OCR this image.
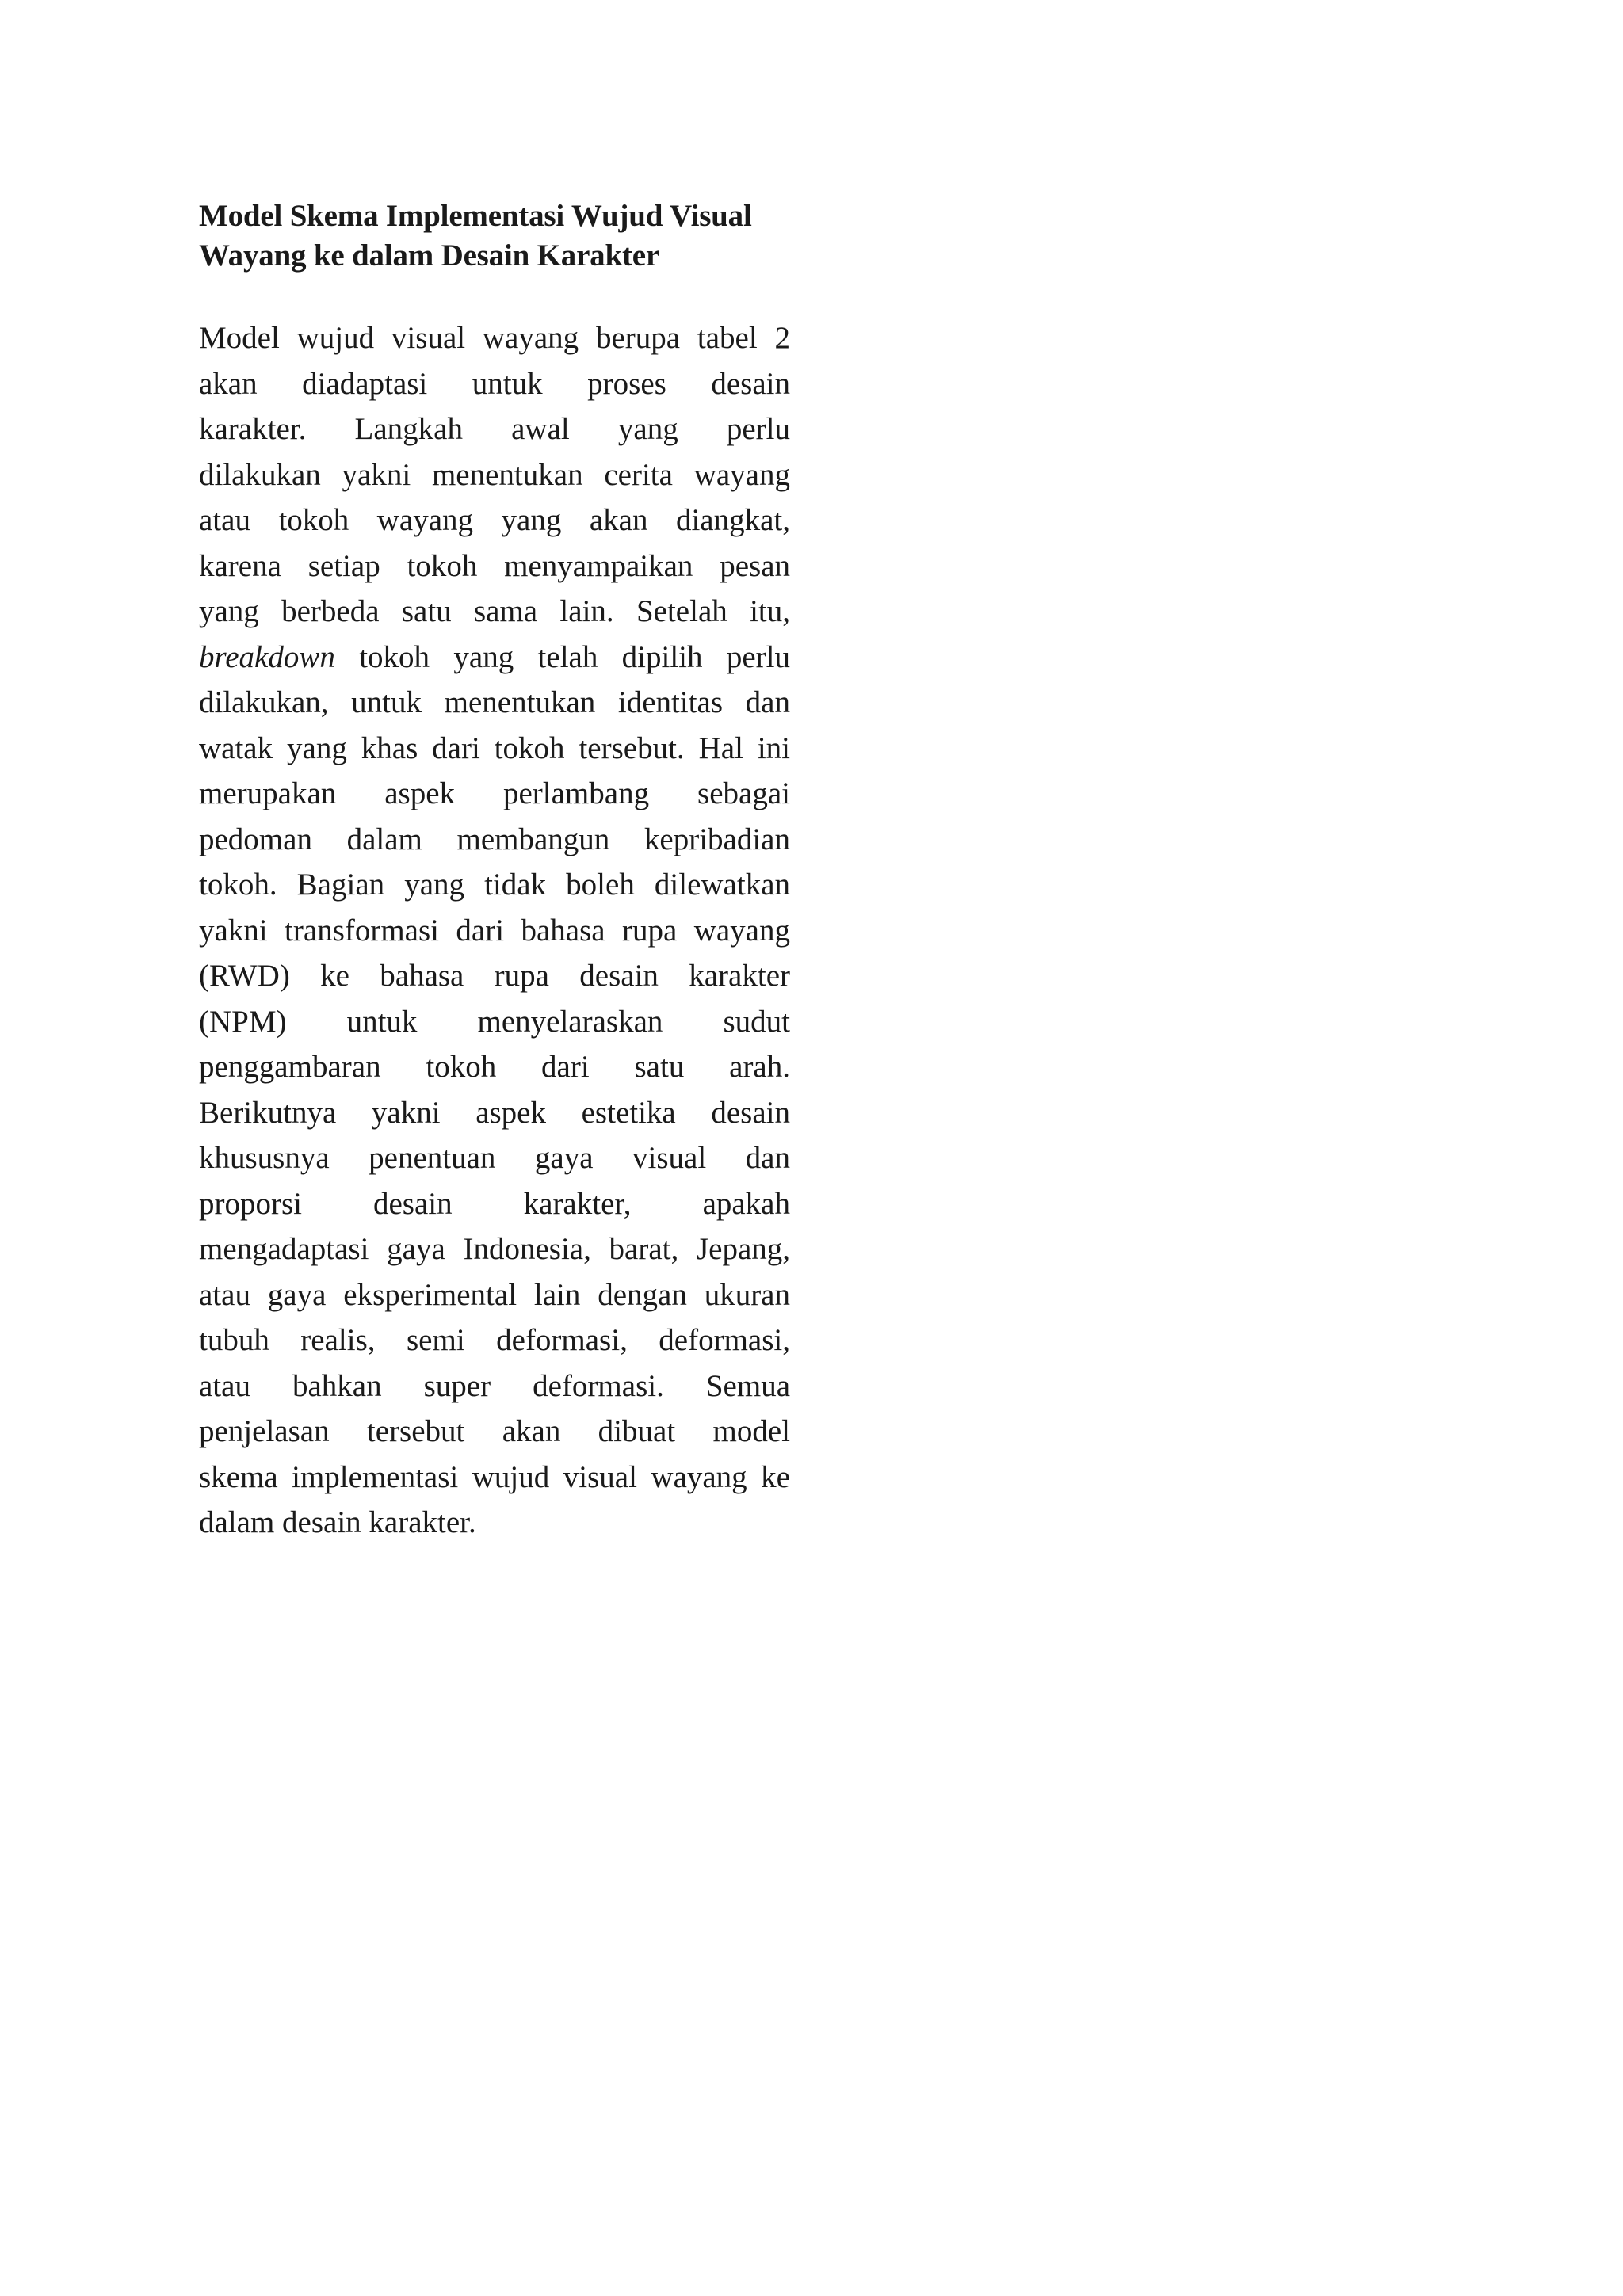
Model Skema Implementasi Wujud Visual
Wayang ke dalam Desain Karakter
Model wujud visual wayang berupa tabel 2
akan diadaptasi untuk proses desain
karakter. Langkah awal yang perlu
dilakukan yakni menentukan cerita wayang
atau tokoh wayang yang akan diangkat,
karena setiap tokoh menyampaikan pesan
yang berbeda satu sama lain. Setelah itu,
breakdown tokoh yang telah dipilih perlu
dilakukan, untuk menentukan identitas dan
watak yang khas dari tokoh tersebut. Hal ini
merupakan aspek perlambang sebagai
pedoman dalam membangun kepribadian
tokoh. Bagian yang tidak boleh dilewatkan
yakni transformasi dari bahasa rupa wayang
(RWD) ke bahasa rupa desain karakter
(NPM) untuk menyelaraskan sudut
penggambaran tokoh dari satu arah.
Berikutnya yakni aspek estetika desain
khususnya penentuan gaya visual dan
proporsi desain karakter, apakah
mengadaptasi gaya Indonesia, barat, Jepang,
atau gaya eksperimental lain dengan ukuran
tubuh realis, semi deformasi, deformasi,
atau bahkan super deformasi. Semua
penjelasan tersebut akan dibuat model
skema implementasi wujud visual wayang ke
dalam desain karakter.
